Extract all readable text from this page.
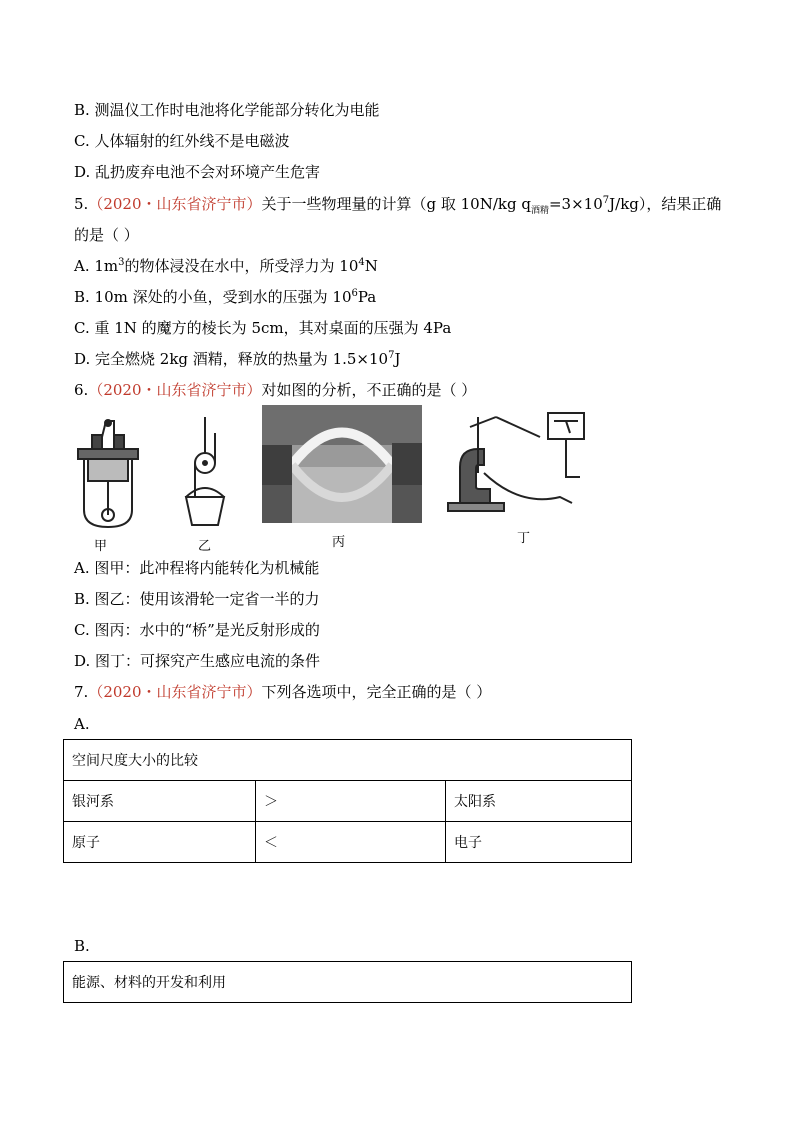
B. 测温仪工作时电池将化学能部分转化为电能
C. 人体辐射的红外线不是电磁波
D. 乱扔废弃电池不会对环境产生危害
5.（2020・山东省济宁市）关于一些物理量的计算（g 取 10N/kg $q_{酒精}=3\times 10^7J/kg$），结果正确
的是（ ）
A. $1m^3$的物体浸没在水中，所受浮力为 $10^4N$
B. 10m 深处的小鱼，受到水的压强为 $10^6Pa$
C. 重 1N 的魔方的棱长为 5cm，其对桌面的压强为 4Pa
D. 完全燃烧 2kg 酒精，释放的热量为 $1.5\times 10^7J$
6.（2020・山东省济宁市）对如图的分析，不正确的是（ ）
甲	乙	丙	丁
A. 图甲：此冲程将内能转化为机械能
B. 图乙：使用该滑轮一定省一半的力
C. 图丙：水中的“桥”是光反射形成的
D. 图丁：可探究产生感应电流的条件
7.（2020・山东省济宁市）下列各选项中，完全正确的是（ ）
A.
空间尺度大小的比较		
银河系	＞	太阳系
原子	＜	电子
B.
能源、材料的开发和利用
